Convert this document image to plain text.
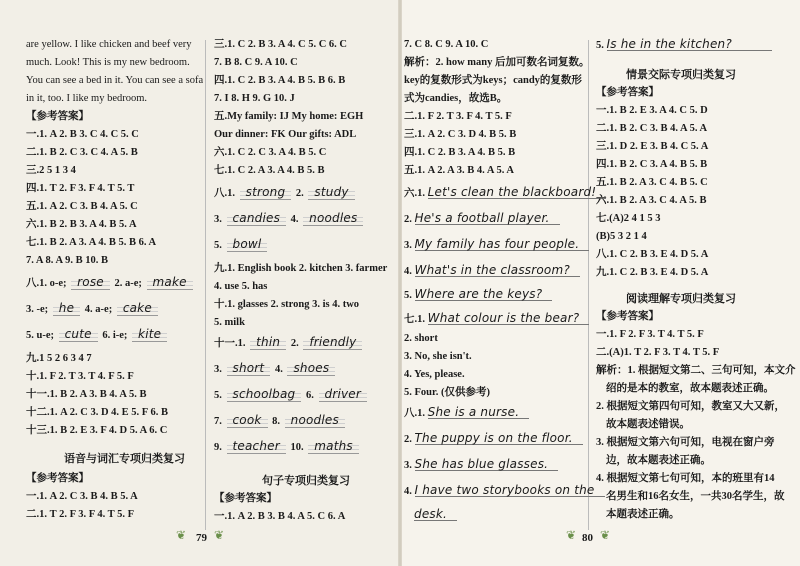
are yellow. I like chicken and beef very
much. Look! This is my new bedroom.
You can see a bed in it. You can see a sofa
in it, too. I like my bedroom.
【参考答案】
一.1. A 2. B 3. C 4. C 5. C
二.1. B 2. C 3. C 4. A 5. B
三.2 5 1 3 4
四.1. T 2. F 3. F 4. T 5. T
五.1. A 2. C 3. B 4. A 5. C
六.1. B 2. B 3. A 4. B 5. A
七.1. B 2. A 3. A 4. B 5. B 6. A
7. A 8. A 9. B 10. B
八.1. o-e; rose 2. a-e; make
3. -e; he 4. a-e; cake
5. u-e; cute 6. i-e; kite
九.1 5 2 6 3 4 7
十.1. F 2. T 3. T 4. F 5. F
十一.1. B 2. A 3. B 4. A 5. B
十二.1. A 2. C 3. D 4. E 5. F 6. B
十三.1. B 2. E 3. F 4. D 5. A 6. C
语音与词汇专项归类复习
【参考答案】
一.1. A 2. C 3. B 4. B 5. A
二.1. T 2. F 3. F 4. T 5. F
三.1. C 2. B 3. A 4. C 5. C 6. C
7. B 8. C 9. A 10. C
四.1. C 2. B 3. A 4. B 5. B 6. B
7. I 8. H 9. G 10. J
五.My family: IJ My home: EGH
Our dinner: FK Our gifts: ADL
六.1. C 2. C 3. A 4. B 5. C
七.1. C 2. A 3. A 4. B 5. B
八.1. strong 2. study
3. candies 4. noodles
5. bowl
九.1. English book 2. kitchen 3. farmer
4. use 5. has
十.1. glasses 2. strong 3. is 4. two
5. milk
十一.1. thin 2. friendly
3. short 4. shoes
5. schoolbag 6. driver
7. cook 8. noodles
9. teacher 10. maths
句子专项归类复习
【参考答案】
一.1. A 2. B 3. B 4. A 5. C 6. A
7. C 8. C 9. A 10. C
解析：2. how many 后加可数名词复数。
key的复数形式为keys；candy的复数形
式为candies，故选B。
二.1. F 2. T 3. F 4. T 5. F
三.1. A 2. C 3. D 4. B 5. B
四.1. C 2. B 3. A 4. B 5. B
五.1. A 2. A 3. B 4. A 5. A
六.1. Let's clean the blackboard!
2. He's a football player.
3. My family has four people.
4. What's in the classroom?
5. Where are the keys?
七.1. What colour is the bear?
2. short
3. No, she isn't.
4. Yes, please.
5. Four. (仅供参考)
八.1. She is a nurse.
2. The puppy is on the floor.
3. She has blue glasses.
4. I have two storybooks on the
desk.
5. Is he in the kitchen?
情景交际专项归类复习
【参考答案】
一.1. B 2. E 3. A 4. C 5. D
二.1. B 2. C 3. B 4. A 5. A
三.1. D 2. E 3. B 4. C 5. A
四.1. B 2. C 3. A 4. B 5. B
五.1. B 2. A 3. C 4. B 5. C
六.1. B 2. A 3. C 4. A 5. B
七.(A)2 4 1 5 3
(B)5 3 2 1 4
八.1. C 2. B 3. E 4. D 5. A
九.1. C 2. B 3. E 4. D 5. A
阅读理解专项归类复习
【参考答案】
一.1. F 2. F 3. T 4. T 5. F
二.(A)1. T 2. F 3. T 4. T 5. F
解析：1. 根据短文第二、三句可知，本文介
绍的是本的教室，故本题表述正确。
2. 根据短文第四句可知，教室又大又新，
故本题表述错误。
3. 根据短文第六句可知，电视在窗户旁
边，故本题表述正确。
4. 根据短文第七句可知，本的班里有14
名男生和16名女生，一共30名学生，故
本题表述正确。
❦ 79 ❦	❦ 80 ❦
